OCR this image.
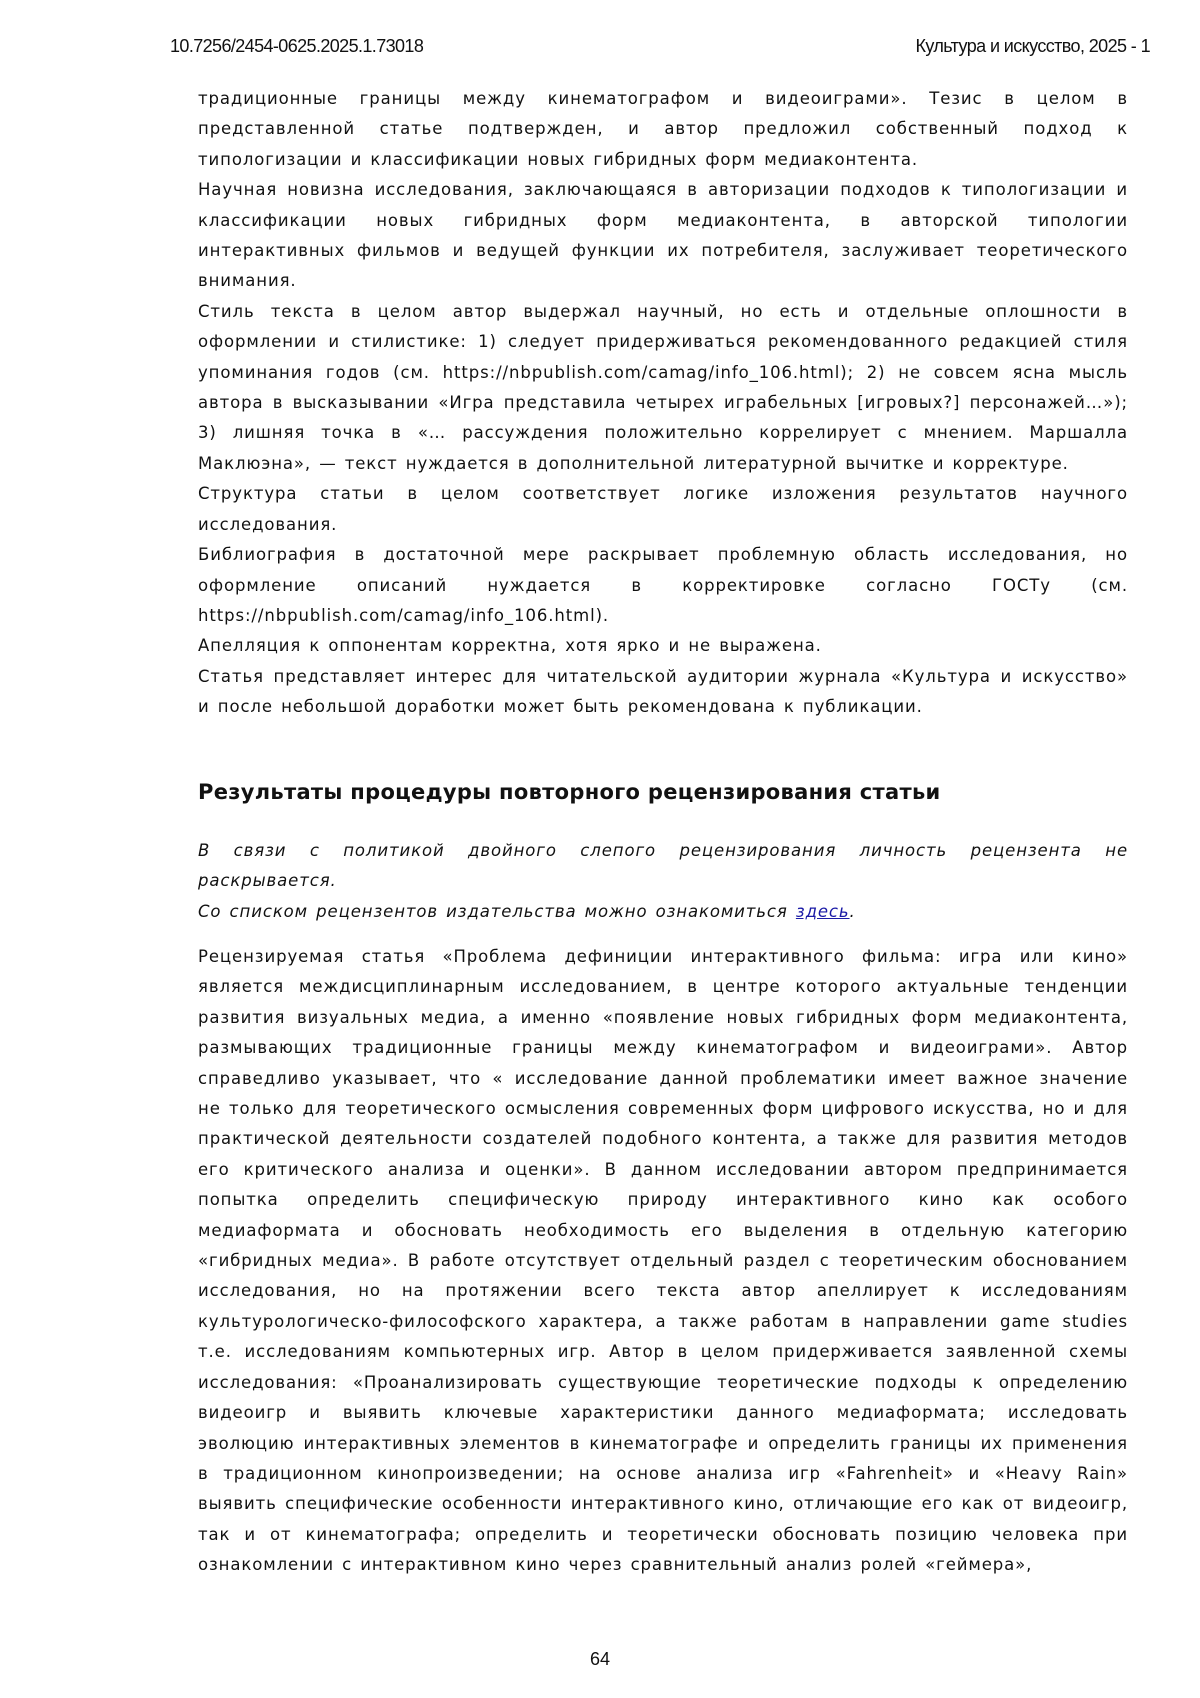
10.7256/2454-0625.2025.1.73018	Культура и искусство, 2025 - 1

традиционные границы между кинематографом и видеоиграми». Тезис в целом в представленной статье подтвержден, и автор предложил собственный подход к типологизации и классификации новых гибридных форм медиаконтента.

Научная новизна исследования, заключающаяся в авторизации подходов к типологизации и классификации новых гибридных форм медиаконтента, в авторской типологии интерактивных фильмов и ведущей функции их потребителя, заслуживает теоретического внимания.

Стиль текста в целом автор выдержал научный, но есть и отдельные оплошности в оформлении и стилистике: 1) следует придерживаться рекомендованного редакцией стиля упоминания годов (см. https://nbpublish.com/camag/info_106.html); 2) не совсем ясна мысль автора в высказывании «Игра представила четырех играбельных [игровых?] персонажей…»); 3) лишняя точка в «… рассуждения положительно коррелирует с мнением. Маршалла Маклюэна», — текст нуждается в дополнительной литературной вычитке и корректуре.

Структура статьи в целом соответствует логике изложения результатов научного исследования.

Библиография в достаточной мере раскрывает проблемную область исследования, но оформление описаний нуждается в корректировке согласно ГОСТу (см. https://nbpublish.com/camag/info_106.html).

Апелляция к оппонентам корректна, хотя ярко и не выражена.

Статья представляет интерес для читательской аудитории журнала «Культура и искусство» и после небольшой доработки может быть рекомендована к публикации.

Результаты процедуры повторного рецензирования статьи

В связи с политикой двойного слепого рецензирования личность рецензента не раскрывается.

Со списком рецензентов издательства можно ознакомиться здесь.

Рецензируемая статья «Проблема дефиниции интерактивного фильма: игра или кино» является междисциплинарным исследованием, в центре которого актуальные тенденции развития визуальных медиа, а именно «появление новых гибридных форм медиаконтента, размывающих традиционные границы между кинематографом и видеоиграми». Автор справедливо указывает, что « исследование данной проблематики имеет важное значение не только для теоретического осмысления современных форм цифрового искусства, но и для практической деятельности создателей подобного контента, а также для развития методов его критического анализа и оценки». В данном исследовании автором предпринимается попытка определить специфическую природу интерактивного кино как особого медиаформата и обосновать необходимость его выделения в отдельную категорию «гибридных медиа». В работе отсутствует отдельный раздел с теоретическим обоснованием исследования, но на протяжении всего текста автор апеллирует к исследованиям культурологическо-философского характера, а также работам в направлении game studies т.е. исследованиям компьютерных игр. Автор в целом придерживается заявленной схемы исследования: «Проанализировать существующие теоретические подходы к определению видеоигр и выявить ключевые характеристики данного медиаформата; исследовать эволюцию интерактивных элементов в кинематографе и определить границы их применения в традиционном кинопроизведении; на основе анализа игр «Fahrenheit» и «Heavy Rain» выявить специфические особенности интерактивного кино, отличающие его как от видеоигр, так и от кинематографа; определить и теоретически обосновать позицию человека при ознакомлении с интерактивном кино через сравнительный анализ ролей «геймера»,

64
